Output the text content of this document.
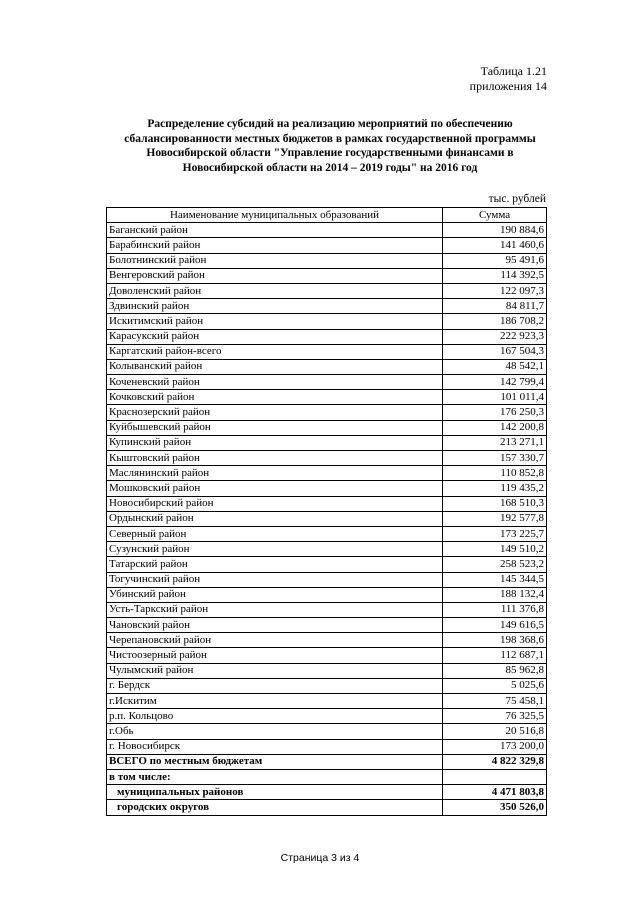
Таблица 1.21
приложения 14
Распределение субсидий на реализацию мероприятий по обеспечению
сбалансированности местных бюджетов в рамках государственной программы
Новосибирской области "Управление государственными финансами в
Новосибирской области на 2014 – 2019 годы" на 2016 год
тыс. рублей
Наименование муниципальных образований	Сумма
Баганский район	190 884,6
Барабинский район	141 460,6
Болотнинский район	95 491,6
Венгеровский район	114 392,5
Доволенский район	122 097,3
Здвинский район	84 811,7
Искитимский район	186 708,2
Карасукский район	222 923,3
Каргатский район-всего	167 504,3
Колыванский район	48 542,1
Коченевский район	142 799,4
Кочковский район	101 011,4
Краснозерский район	176 250,3
Куйбышевский район	142 200,8
Купинский район	213 271,1
Кыштовский район	157 330,7
Маслянинский район	110 852,8
Мошковский район	119 435,2
Новосибирский район	168 510,3
Ордынский район	192 577,8
Северный район	173 225,7
Сузунский район	149 510,2
Татарский район	258 523,2
Тогучинский район	145 344,5
Убинский район	188 132,4
Усть-Таркский район	111 376,8
Чановский район	149 616,5
Черепановский район	198 368,6
Чистоозерный район	112 687,1
Чулымский район	85 962,8
г. Бердск	5 025,6
г.Искитим	75 458,1
р.п. Кольцово	76 325,5
г.Обь	20 516,8
г. Новосибирск	173 200,0
ВСЕГО по местным бюджетам	4 822 329,8
в том числе:	
муниципальных районов	4 471 803,8
городских округов	350 526,0
Страница 3 из 4
